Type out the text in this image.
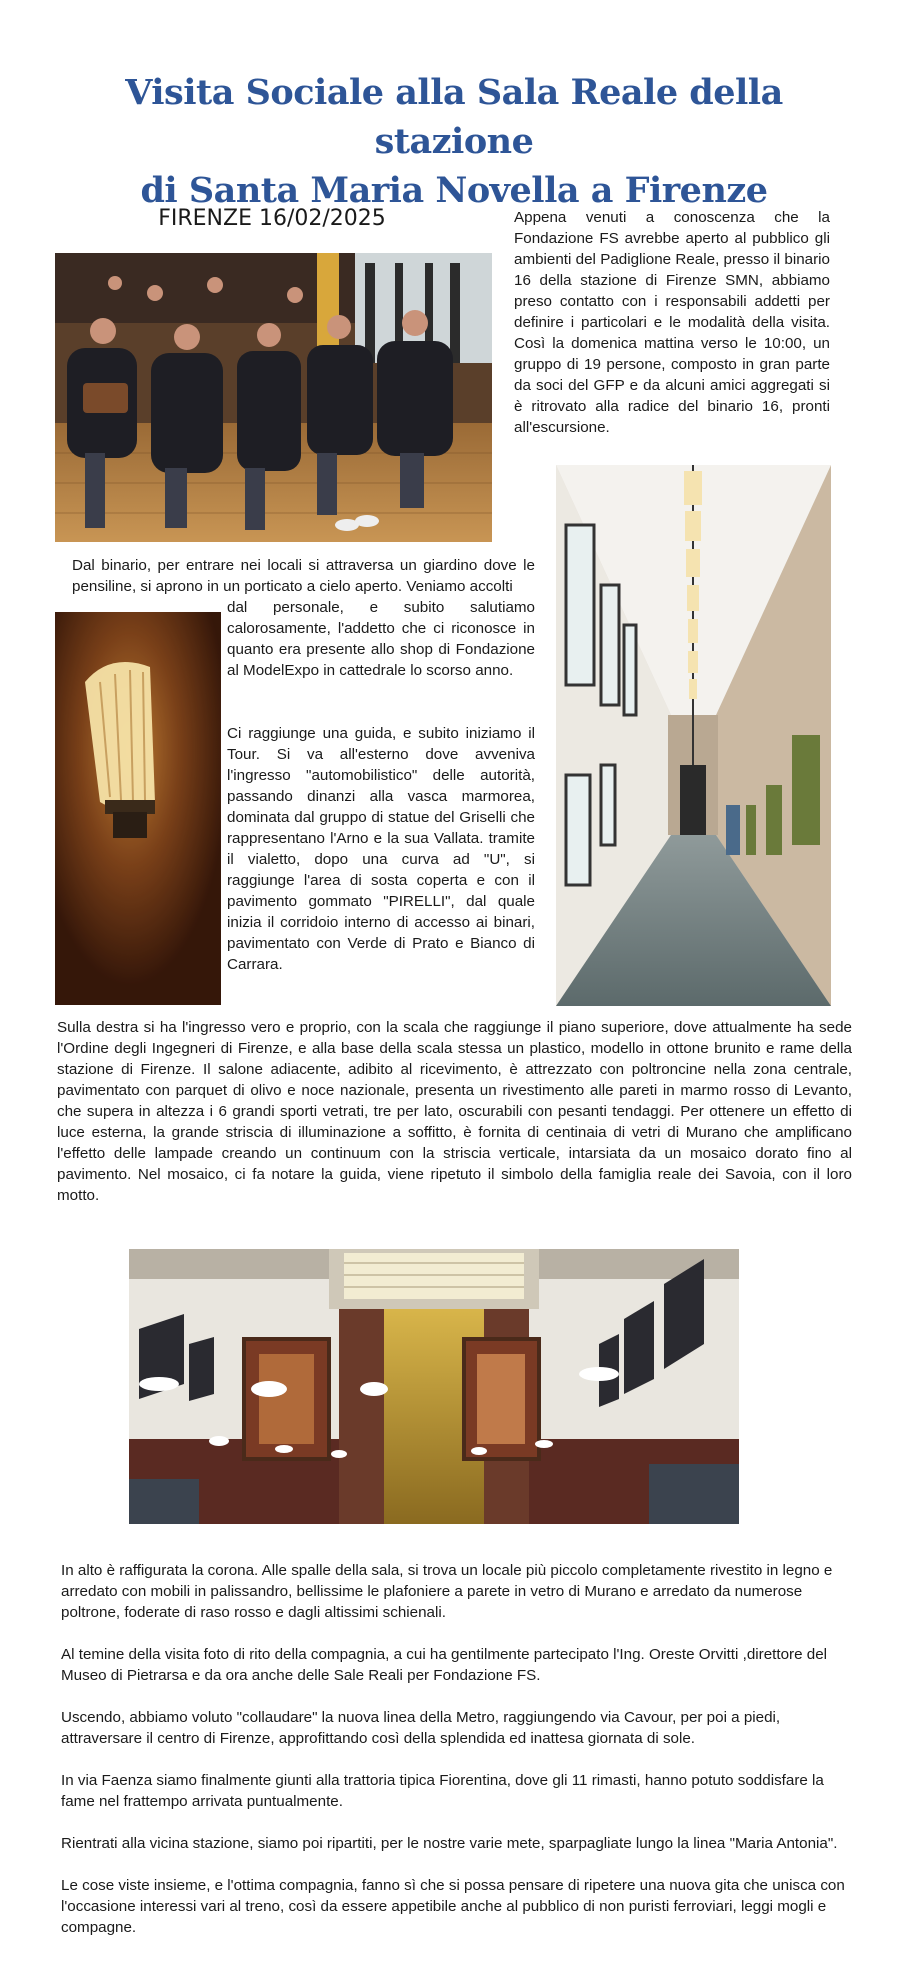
Visita Sociale alla Sala Reale della stazione
di Santa Maria Novella a Firenze
FIRENZE 16/02/2025	Appena venuti a conoscenza che la Fondazione FS avrebbe aperto al pubblico gli ambienti del Padiglione Reale, presso il binario 16 della stazione di Firenze SMN, abbiamo preso contatto con i responsabili addetti per definire i particolari e le modalità della visita. Così la domenica mattina verso le 10:00, un gruppo di 19 persone, composto in gran parte da soci del GFP e da alcuni amici aggregati si è ritrovato alla radice del binario 16, pronti all'escursione.

Dal binario, per entrare nei locali si attraversa un giardino dove le pensiline, si aprono in un porticato a cielo aperto. Veniamo accolti

dal personale, e subito salutiamo calorosamente, l'addetto che ci riconosce in quanto era presente allo shop di Fondazione al ModelExpo in cattedrale lo scorso anno.

Ci raggiunge una guida, e subito iniziamo il Tour. Si va all'esterno dove avveniva l'ingresso "automobilistico" delle autorità, passando dinanzi alla vasca marmorea, dominata dal gruppo di statue del Griselli che rappresentano l'Arno e la sua Vallata. tramite il vialetto, dopo una curva ad "U", si raggiunge l'area di sosta coperta e con il pavimento gommato "PIRELLI", dal quale inizia il corridoio interno di accesso ai binari, pavimentato con Verde di Prato e Bianco di Carrara.

Sulla destra si ha l'ingresso vero e proprio, con la scala che raggiunge il piano superiore, dove attualmente ha sede l'Ordine degli Ingegneri di Firenze, e alla base della scala stessa un plastico, modello in ottone brunito e rame della stazione di Firenze. Il salone adiacente, adibito al ricevimento, è attrezzato con poltroncine nella zona centrale, pavimentato con parquet di olivo e noce nazionale, presenta un rivestimento alle pareti in marmo rosso di Levanto, che supera in altezza i 6 grandi sporti vetrati, tre per lato, oscurabili con pesanti tendaggi. Per ottenere un effetto di luce esterna, la grande striscia di illuminazione a soffitto, è fornita di centinaia di vetri di Murano che amplificano l'effetto delle lampade creando un continuum con la striscia verticale, intarsiata da un mosaico dorato fino al pavimento. Nel mosaico, ci fa notare la guida, viene ripetuto il simbolo della famiglia reale dei Savoia, con il loro motto.

In alto è raffigurata la corona. Alle spalle della sala, si trova un locale più piccolo completamente rivestito in legno e arredato con mobili in palissandro, bellissime le plafoniere a parete in vetro di Murano e arredato da numerose poltrone, foderate di raso rosso e dagli altissimi schienali.

Al temine della visita foto di rito della compagnia, a cui ha gentilmente partecipato l'Ing. Oreste Orvitti ,direttore del Museo di Pietrarsa e da ora anche delle Sale Reali per Fondazione FS.

Uscendo, abbiamo voluto "collaudare" la nuova linea della Metro, raggiungendo via Cavour, per poi a piedi, attraversare il centro di Firenze, approfittando così della splendida ed inattesa giornata di sole.

In via Faenza siamo finalmente giunti alla trattoria tipica Fiorentina, dove gli 11 rimasti, hanno potuto soddisfare la fame nel frattempo arrivata puntualmente.

Rientrati alla vicina stazione, siamo poi ripartiti, per le nostre varie mete, sparpagliate lungo la linea "Maria Antonia".

Le cose viste insieme, e l'ottima compagnia, fanno sì che si possa pensare di ripetere una nuova gita che unisca con l'occasione interessi vari al treno, così da essere appetibile anche al pubblico di non puristi ferroviari, leggi mogli e compagne.
